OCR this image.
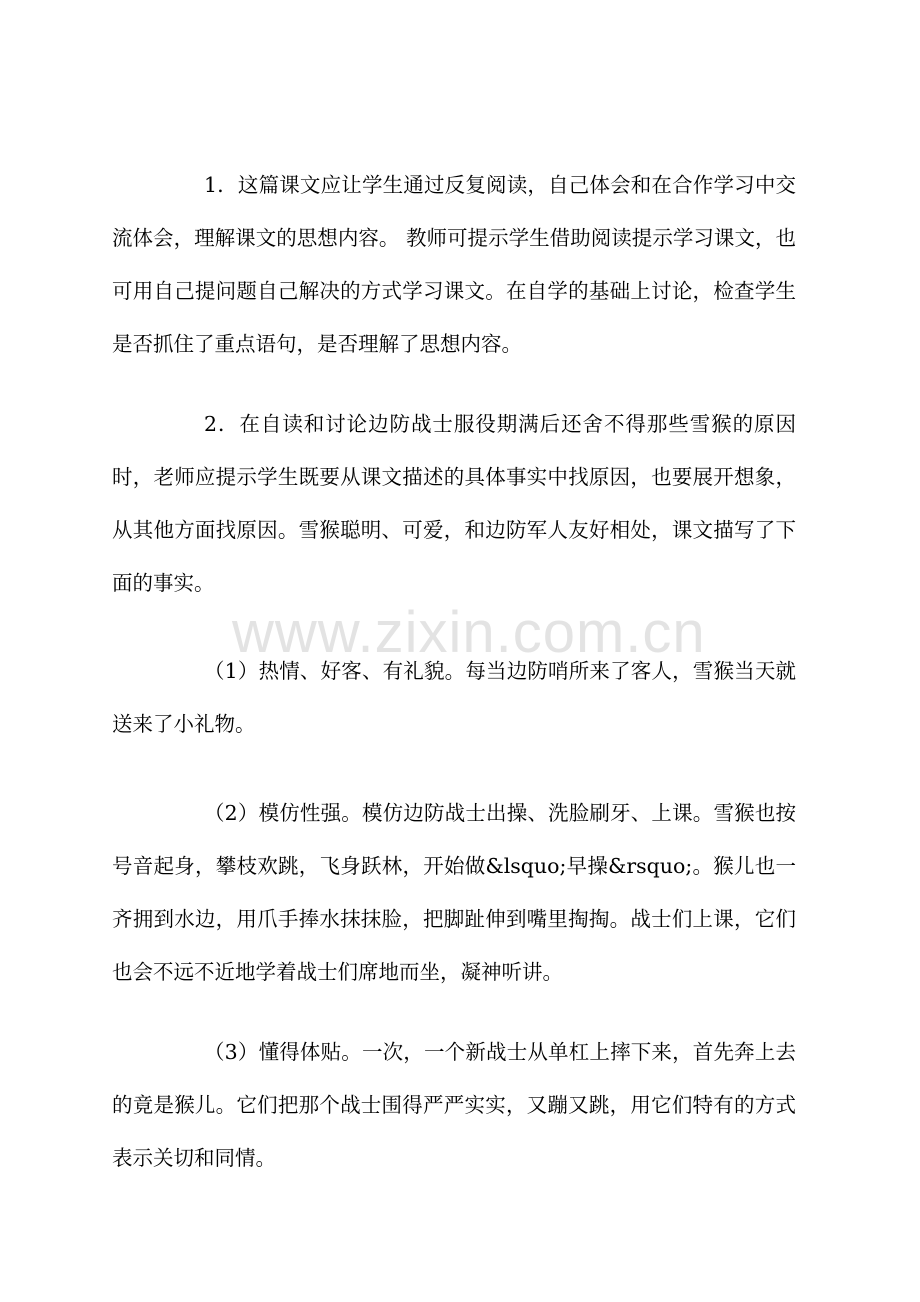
www.zixin.com.cn

1．这篇课文应让学生通过反复阅读，自己体会和在合作学习中交流体会，理解课文的思想内容。 教师可提示学生借助阅读提示学习课文，也可用自己提问题自己解决的方式学习课文。在自学的基础上讨论，检查学生是否抓住了重点语句，是否理解了思想内容。

2．在自读和讨论边防战士服役期满后还舍不得那些雪猴的原因时，老师应提示学生既要从课文描述的具体事实中找原因，也要展开想象，从其他方面找原因。雪猴聪明、可爱，和边防军人友好相处，课文描写了下面的事实。

（1）热情、好客、有礼貌。每当边防哨所来了客人，雪猴当天就送来了小礼物。

（2）模仿性强。模仿边防战士出操、洗脸刷牙、上课。雪猴也按号音起身，攀枝欢跳，飞身跃林，开始做&lsquo;早操&rsquo;。猴儿也一齐拥到水边，用爪手捧水抹抹脸，把脚趾伸到嘴里掏掏。战士们上课，它们也会不远不近地学着战士们席地而坐，凝神听讲。

（3）懂得体贴。一次，一个新战士从单杠上摔下来，首先奔上去的竟是猴儿。它们把那个战士围得严严实实，又蹦又跳，用它们特有的方式表示关切和同情。
